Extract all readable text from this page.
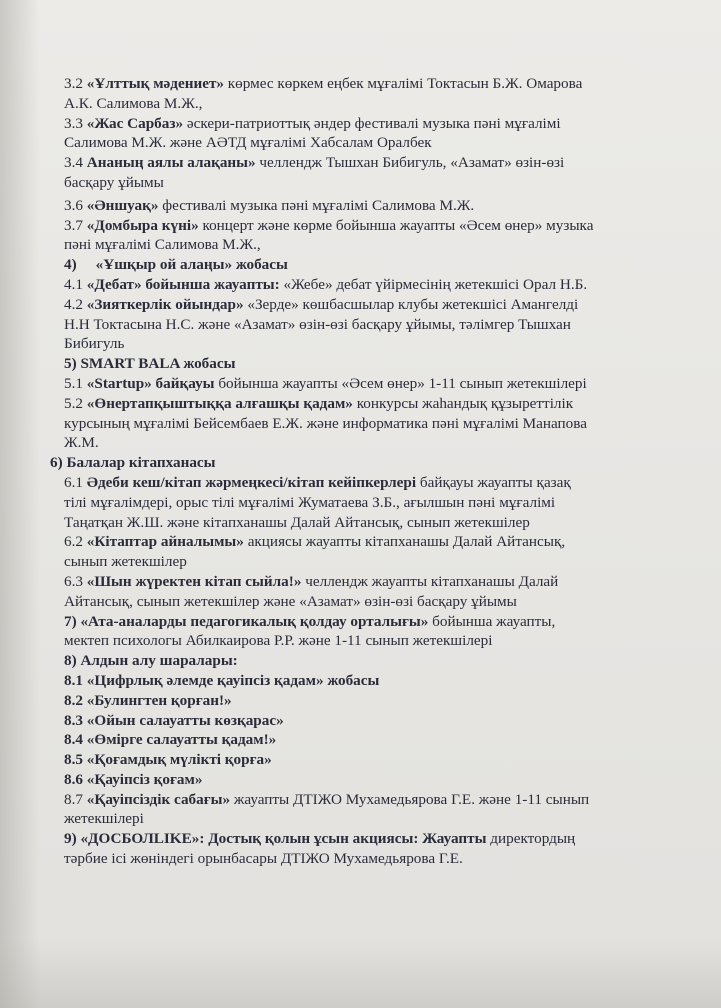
3.2 «Ұлттық мәдениет» көрмес көркем еңбек мұғалімі Токтасын Б.Ж. Омарова

А.К. Салимова М.Ж.,

3.3 «Жас Сарбаз» әскери-патриоттық әндер фестивалі музыка пәні мұғалімі

Салимова М.Ж. және АӘТД мұғалімі Хабсалам Оралбек

3.4 Ананың аялы алақаны» челлендж Тышхан Бибигуль, «Азамат» өзін-өзі

басқару ұйымы

3.6 «Әншуақ» фестивалі музыка пәні мұғалімі Салимова М.Ж.

3.7 «Домбыра күні» концерт және көрме бойынша жауапты «Әсем өнер» музыка

пәні мұғалімі Салимова М.Ж.,

4)     «Ұшқыр ой алаңы» жобасы

4.1 «Дебат» бойынша жауапты: «Жебе» дебат үйірмесінің жетекшісі Орал Н.Б.

4.2 «Зияткерлік ойындар» «Зерде» көшбасшылар клубы жетекшісі Амангелді

Н.Н Токтасына Н.С. және «Азамат» өзін-өзі басқару ұйымы, тәлімгер Тышхан

Бибигуль

5) SMART BALA жобасы

5.1 «Startup» байқауы бойынша жауапты «Әсем өнер» 1-11 сынып жетекшілері

5.2 «Өнертапқыштыққа алғашқы қадам» конкурсы жаһандық құзыреттілік

курсының мұғалімі Бейсембаев Е.Ж. және информатика пәні мұғалімі Манапова

Ж.М.

6) Балалар кітапханасы

6.1 Әдеби кеш/кітап жәрмеңкесі/кітап кейіпкерлері байқауы жауапты қазақ

тілі мұғалімдері, орыс тілі мұғалімі Жуматаева З.Б., ағылшын пәні мұғалімі

Таңатқан Ж.Ш. және кітапханашы Далай Айтансық, сынып жетекшілер

6.2 «Кітаптар айналымы» акциясы жауапты кітапханашы Далай Айтансық,

сынып жетекшілер

6.3 «Шын жүректен кітап сыйла!» челлендж жауапты кітапханашы Далай

Айтансық, сынып жетекшілер және «Азамат» өзін-өзі басқару ұйымы

7) «Ата-аналарды педагогикалық қолдау орталығы» бойынша жауапты,

мектеп психологы Абилкаирова Р.Р. және 1-11 сынып жетекшілері

8) Алдын алу шаралары:

8.1 «Цифрлық әлемде қауіпсіз қадам» жобасы

8.2 «Булингтен қорған!»

8.3 «Ойын салауатты көзқарас»

8.4 «Өмірге салауатты қадам!»

8.5 «Қоғамдық мүлікті қорға»

8.6 «Қауіпсіз қоғам»

8.7 «Қауіпсіздік сабағы» жауапты ДТІЖО Мухамедьярова Г.Е. және 1-11 сынып

жетекшілері

9) «ДОСБОЛLIKE»: Достық қолын ұсын акциясы: Жауапты директордың

тәрбие ісі жөніндегі орынбасары ДТІЖО Мухамедьярова Г.Е.
